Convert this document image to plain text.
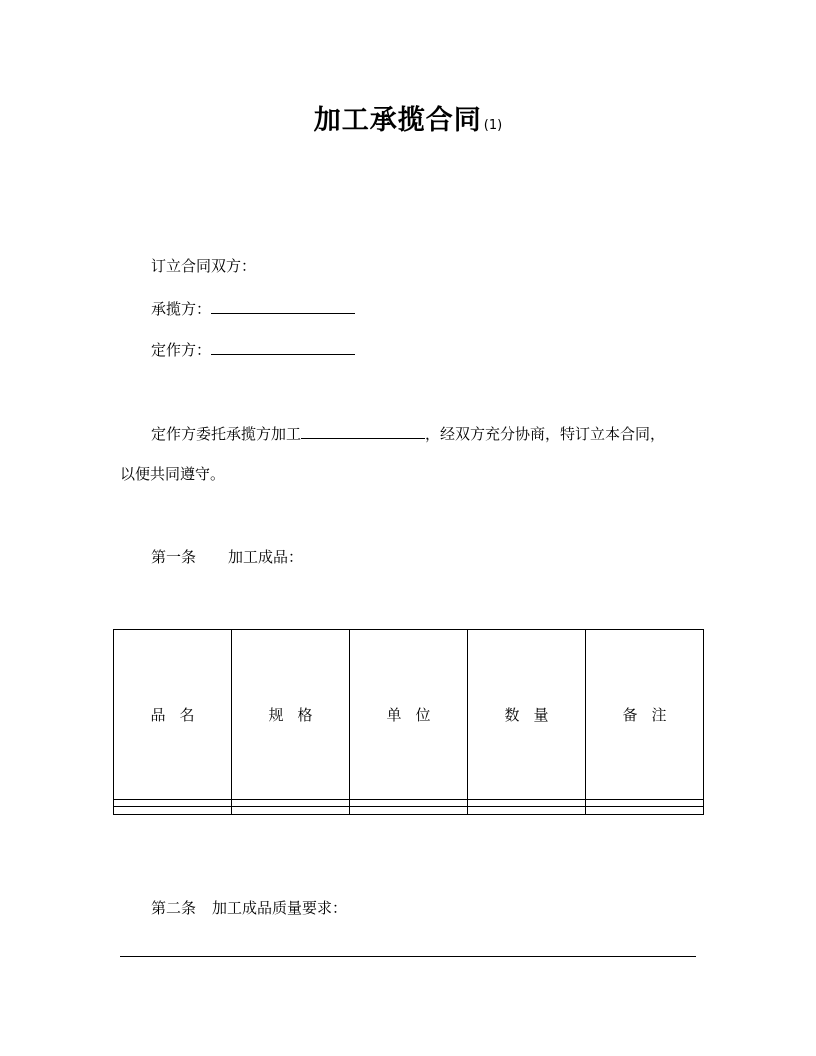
加工承揽合同 (1)
订立合同双方：
承揽方：
定作方：
定作方委托承揽方加工	，经双方充分协商，特订立本合同，
以便共同遵守。
第一条 加工成品：
品名	规格	单位	数量	备注

第二条 加工成品质量要求：
